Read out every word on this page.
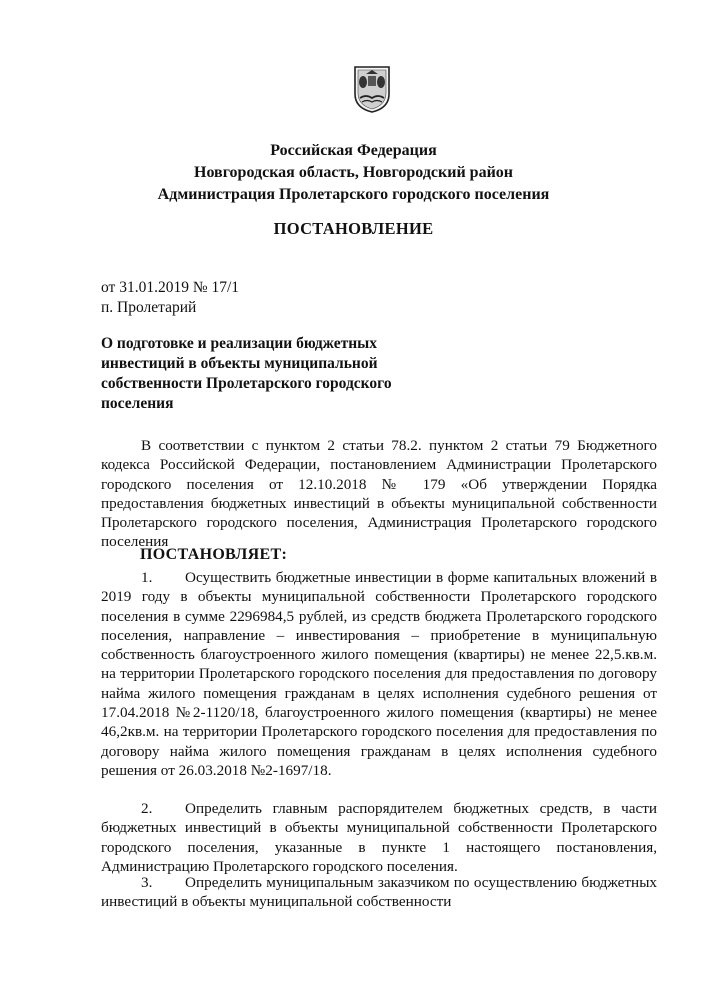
Российская Федерация
Новгородская область, Новгородский район
Администрация Пролетарского городского поселения
ПОСТАНОВЛЕНИЕ
от 31.01.2019 № 17/1
п. Пролетарий
О подготовке и реализации бюджетных инвестиций в объекты муниципальной собственности Пролетарского городского поселения
В соответствии с пунктом 2 статьи 78.2. пунктом 2 статьи 79 Бюджетного кодекса Российской Федерации, постановлением Администрации Пролетарского городского поселения от 12.10.2018 № 179 «Об утверждении Порядка предоставления бюджетных инвестиций в объекты муниципальной собственности Пролетарского городского поселения, Администрация Пролетарского городского поселения
ПОСТАНОВЛЯЕТ:
1. Осуществить бюджетные инвестиции в форме капитальных вложений в 2019 году в объекты муниципальной собственности Пролетарского городского поселения в сумме 2296984,5 рублей, из средств бюджета Пролетарского городского поселения, направление – инвестирования – приобретение в муниципальную собственность благоустроенного жилого помещения (квартиры) не менее 22,5.кв.м. на территории Пролетарского городского поселения для предоставления по договору найма жилого помещения гражданам в целях исполнения судебного решения от 17.04.2018 №2-1120/18, благоустроенного жилого помещения (квартиры) не менее 46,2кв.м. на территории Пролетарского городского поселения для предоставления по договору найма жилого помещения гражданам в целях исполнения судебного решения от 26.03.2018 №2-1697/18.
2. Определить главным распорядителем бюджетных средств, в части бюджетных инвестиций в объекты муниципальной собственности Пролетарского городского поселения, указанные в пункте 1 настоящего постановления, Администрацию Пролетарского городского поселения.
3. Определить муниципальным заказчиком по осуществлению бюджетных инвестиций в объекты муниципальной собственности
